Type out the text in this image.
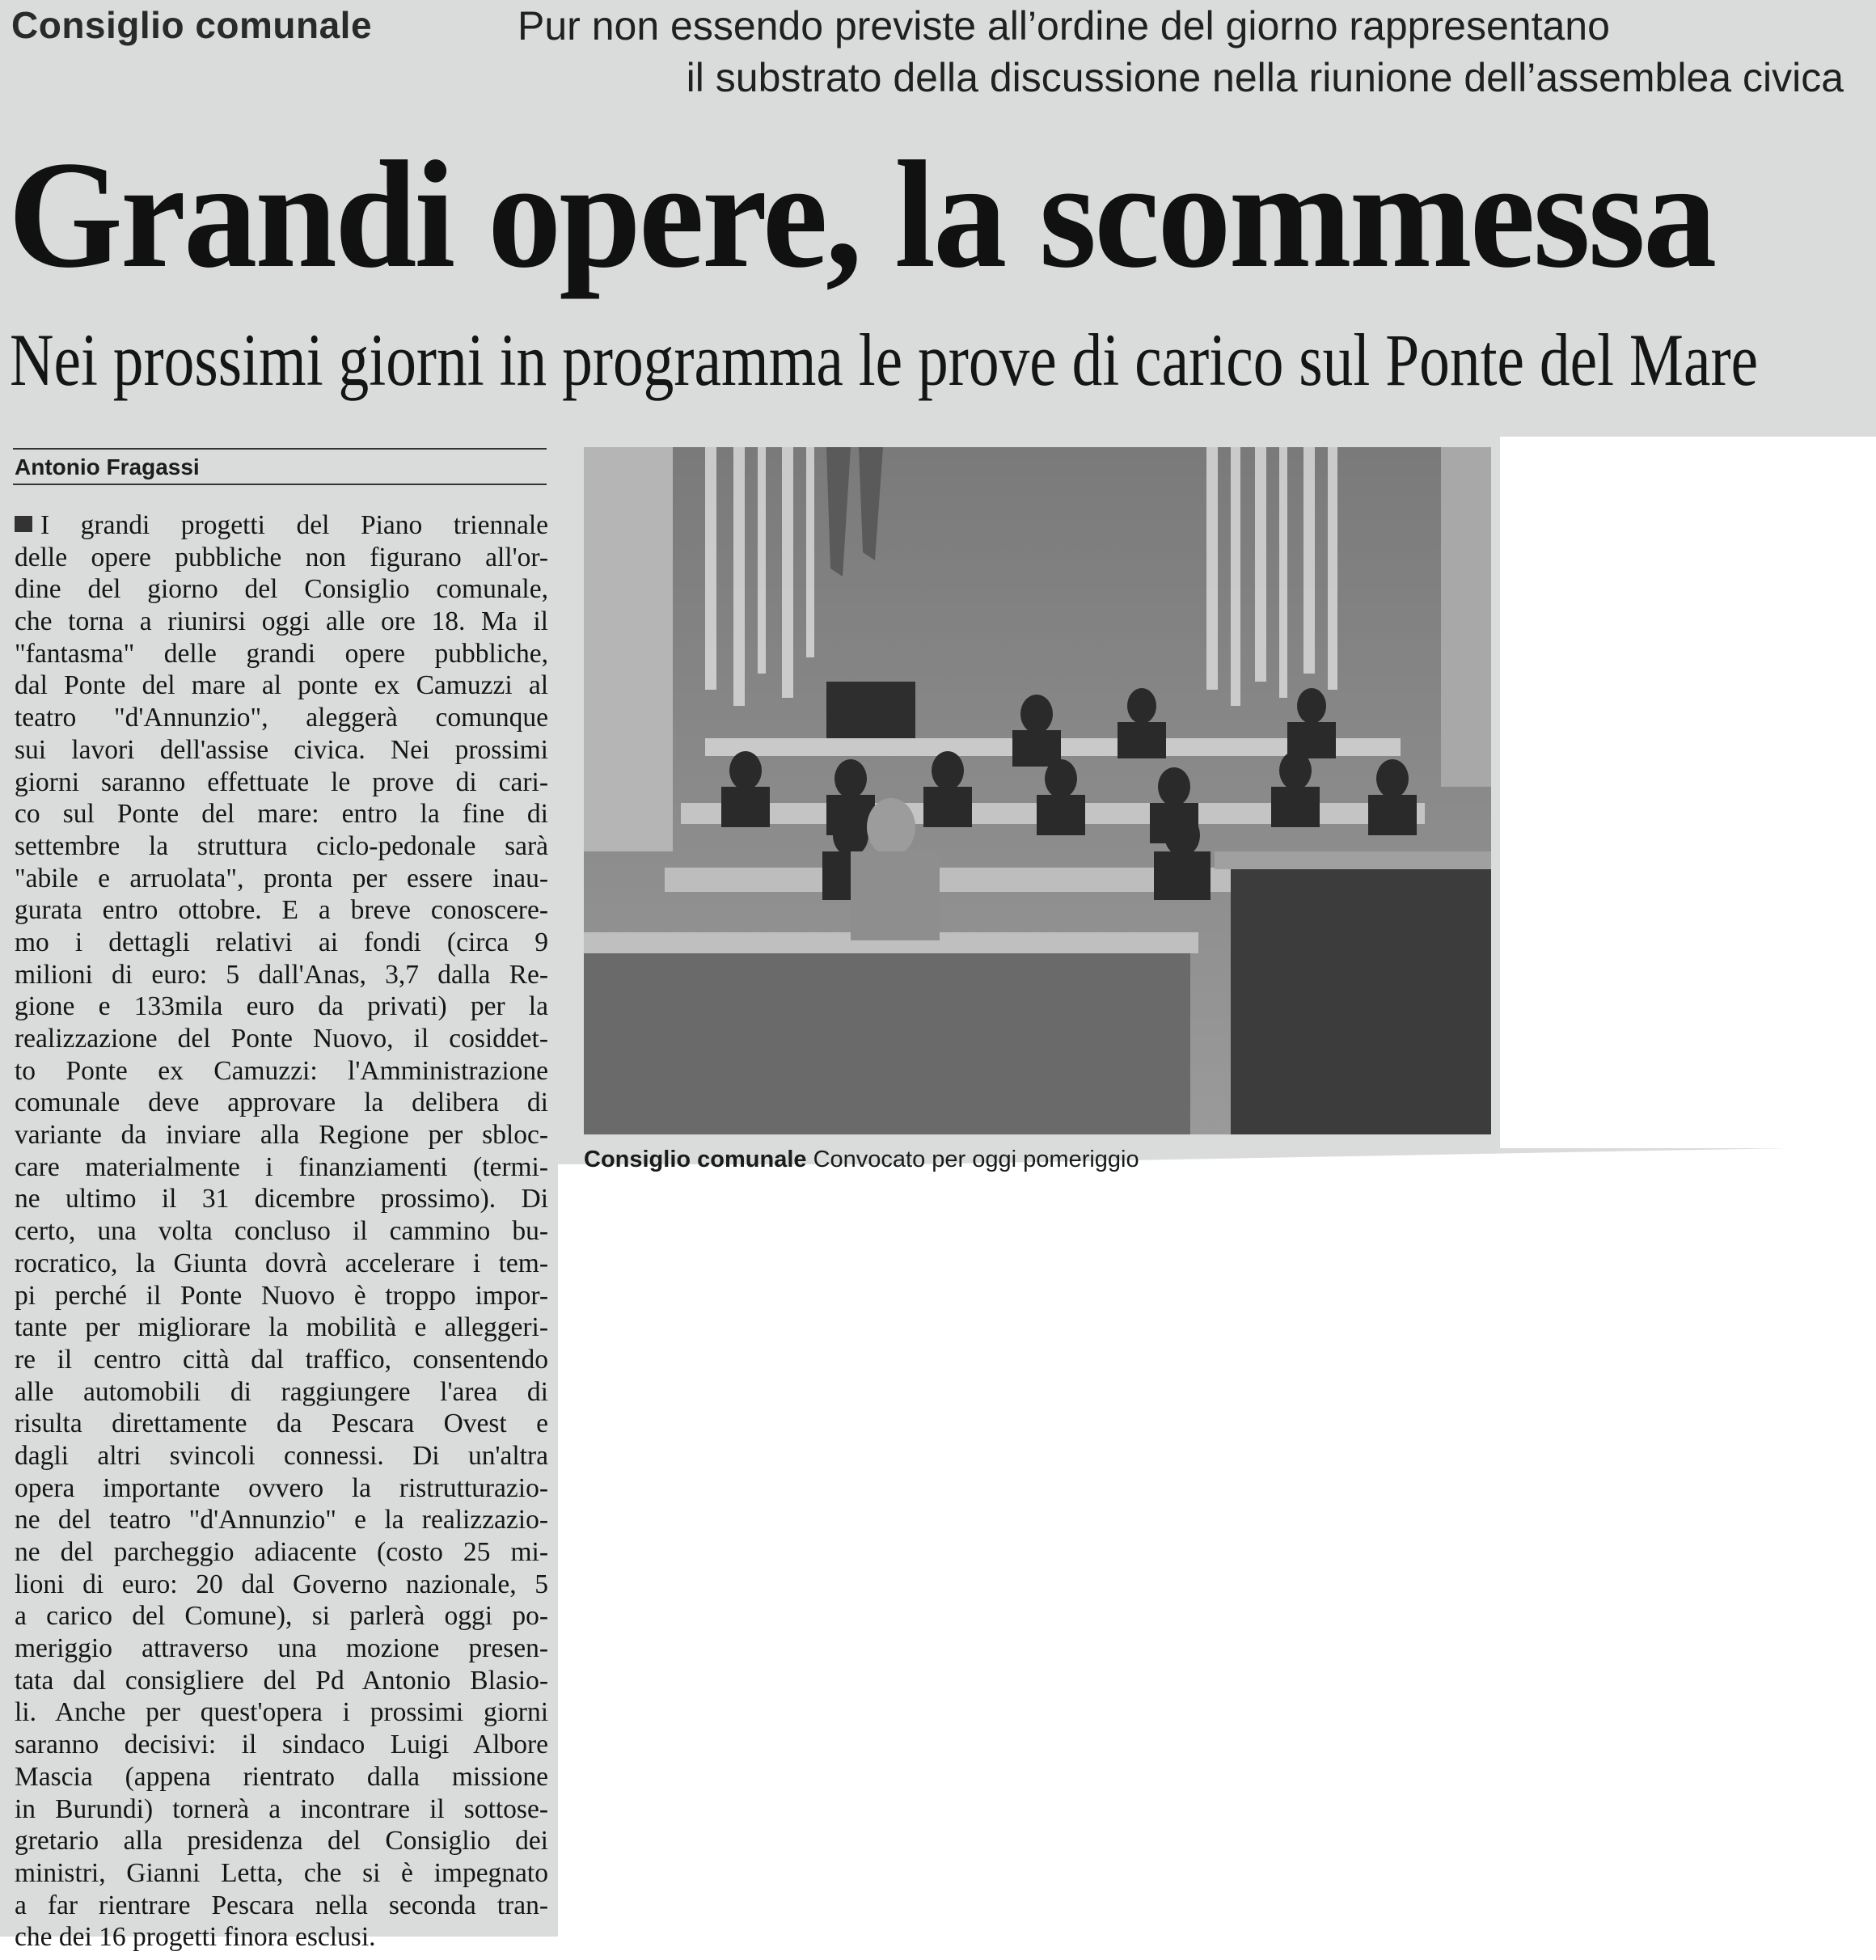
Consiglio comunale	Pur non essendo previste all’ordine del giorno rappresentano
il substrato della discussione nella riunione dell’assemblea civica
Grandi opere, la scommessa
Nei prossimi giorni in programma le prove di carico sul Ponte del Mare
Antonio Fragassi
I grandi progetti del Piano triennale
delle opere pubbliche non figurano all'or-
dine del giorno del Consiglio comunale,
che torna a riunirsi oggi alle ore 18. Ma il
"fantasma" delle grandi opere pubbliche,
dal Ponte del mare al ponte ex Camuzzi al
teatro "d'Annunzio", aleggerà comunque
sui lavori dell'assise civica. Nei prossimi
giorni saranno effettuate le prove di cari-
co sul Ponte del mare: entro la fine di
settembre la struttura ciclo-pedonale sarà
"abile e arruolata", pronta per essere inau-
gurata entro ottobre. E a breve conoscere-
mo i dettagli relativi ai fondi (circa 9
milioni di euro: 5 dall'Anas, 3,7 dalla Re-
gione e 133mila euro da privati) per la
realizzazione del Ponte Nuovo, il cosiddet-
to Ponte ex Camuzzi: l'Amministrazione
comunale deve approvare la delibera di
variante da inviare alla Regione per sbloc-
care materialmente i finanziamenti (termi-
ne ultimo il 31 dicembre prossimo). Di
certo, una volta concluso il cammino bu-
rocratico, la Giunta dovrà accelerare i tem-
pi perché il Ponte Nuovo è troppo impor-
tante per migliorare la mobilità e alleggeri-
re il centro città dal traffico, consentendo
alle automobili di raggiungere l'area di
risulta direttamente da Pescara Ovest e
dagli altri svincoli connessi. Di un'altra
opera importante ovvero la ristrutturazio-
ne del teatro "d'Annunzio" e la realizzazio-
ne del parcheggio adiacente (costo 25 mi-
lioni di euro: 20 dal Governo nazionale, 5
a carico del Comune), si parlerà oggi po-
meriggio attraverso una mozione presen-
tata dal consigliere del Pd Antonio Blasio-
li. Anche per quest'opera i prossimi giorni
saranno decisivi: il sindaco Luigi Albore
Mascia (appena rientrato dalla missione
in Burundi) tornerà a incontrare il sottose-
gretario alla presidenza del Consiglio dei
ministri, Gianni Letta, che si è impegnato
a far rientrare Pescara nella seconda tran-
che dei 16 progetti finora esclusi.
Consiglio comunale Convocato per oggi pomeriggio
